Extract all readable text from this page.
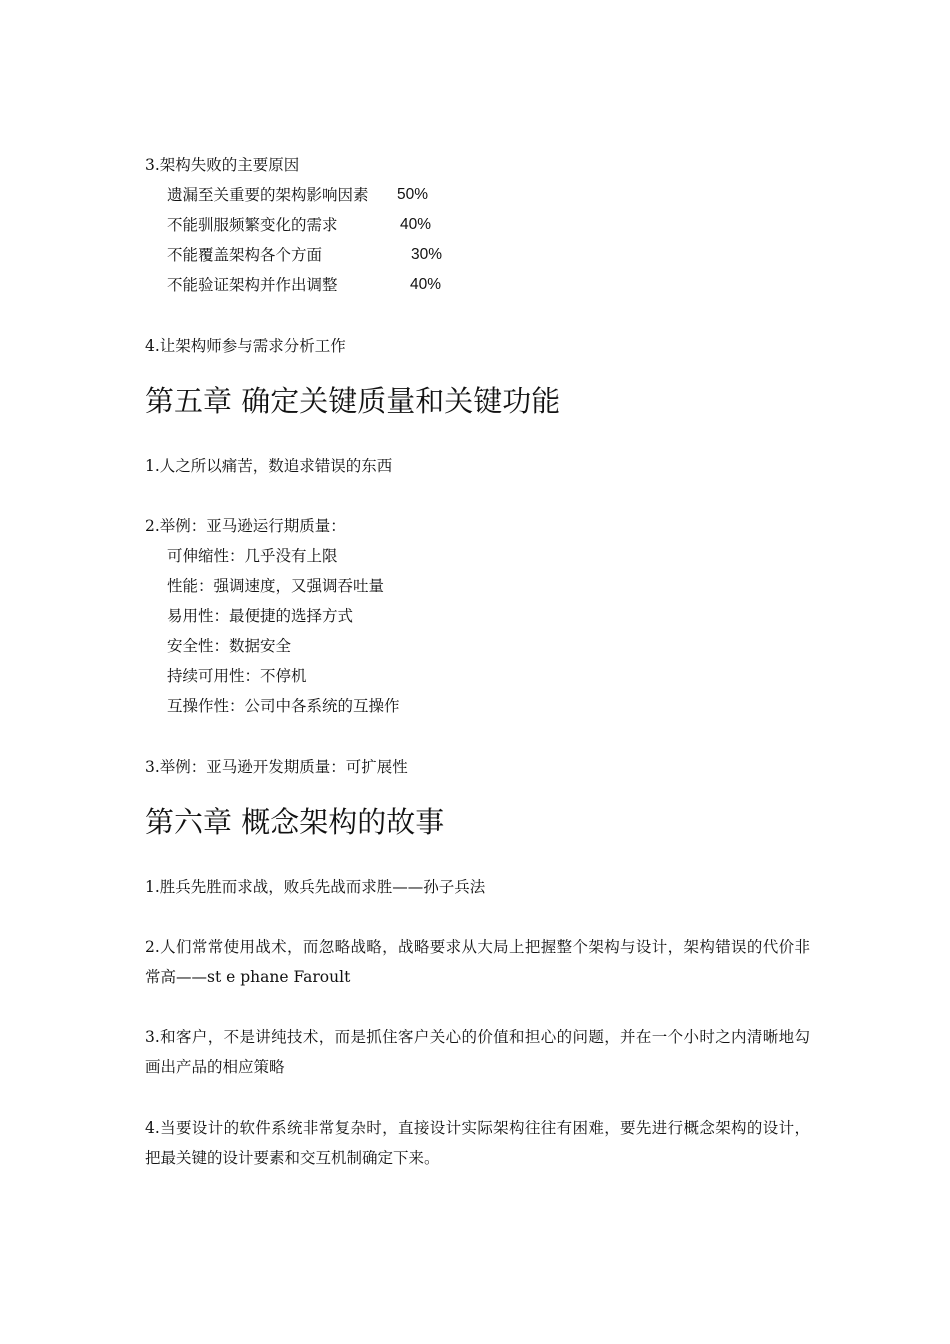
3.架构失败的主要原因
遗漏至关重要的架构影响因素 50%
不能驯服频繁变化的需求	40%
不能覆盖架构各个方面	30%
不能验证架构并作出调整	40%
4.让架构师参与需求分析工作
第五章 确定关键质量和关键功能
1.人之所以痛苦，数追求错误的东西
2.举例：亚马逊运行期质量：
可伸缩性：几乎没有上限
性能：强调速度，又强调吞吐量
易用性：最便捷的选择方式
安全性：数据安全
持续可用性：不停机
互操作性：公司中各系统的互操作
3.举例：亚马逊开发期质量：可扩展性
第六章 概念架构的故事
1.胜兵先胜而求战，败兵先战而求胜——孙子兵法

2.人们常常使用战术，而忽略战略，战略要求从大局上把握整个架构与设计，架构错误的代价非常高——st e phane Faroult

3.和客户，不是讲纯技术，而是抓住客户关心的价值和担心的问题，并在一个小时之内清晰地勾画出产品的相应策略

4.当要设计的软件系统非常复杂时，直接设计实际架构往往有困难，要先进行概念架构的设计，把最关键的设计要素和交互机制确定下来。
